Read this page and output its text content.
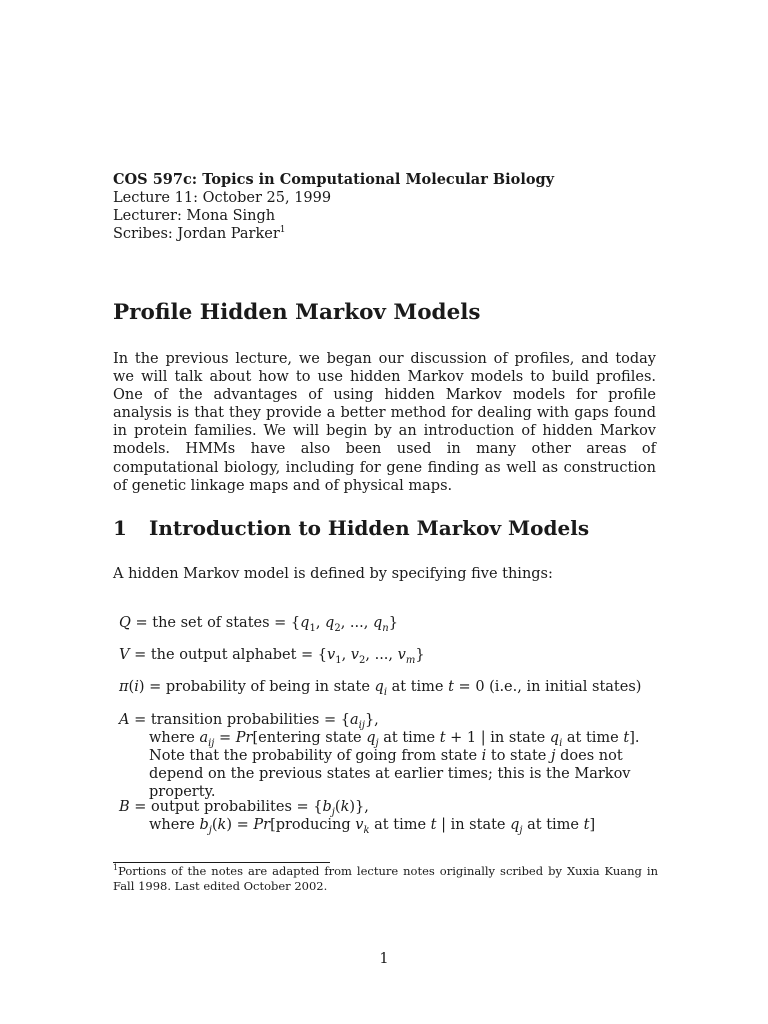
COS 597c: Topics in Computational Molecular Biology
Lecture 11: October 25, 1999
Lecturer: Mona Singh
Scribes: Jordan Parker$^1$
Profile Hidden Markov Models
In the previous lecture, we began our discussion of profiles, and today we will talk about how to use hidden Markov models to build profiles. One of the advantages of using hidden Markov models for profile analysis is that they provide a better method for dealing with gaps found in protein families. We will begin by an introduction of hidden Markov models. HMMs have also been used in many other areas of computational biology, including for gene finding as well as construction of genetic linkage maps and of physical maps.
1 Introduction to Hidden Markov Models
A hidden Markov model is defined by specifying five things:
Q = the set of states = {$q_1$, $q_2$, ..., $q_n$}
V = the output alphabet = {$v_1$, $v_2$, ..., $v_m$}
π(i) = probability of being in state $q_i$ at time t = 0 (i.e., in initial states)
A = transition probabilities = $\{a_{ij}\}$,
where $a_{ij}$ = Pr[entering state $q_j$ at time t + 1 | in state $q_i$ at time t]. Note that the probability of going from state i to state j does not depend on the previous states at earlier times; this is the Markov property.
B = output probabilites = $\{b_j(k)\}$,
where $b_j(k)$ = Pr[producing $v_k$ at time t | in state $q_j$ at time t]
$^1$Portions of the notes are adapted from lecture notes originally scribed by Xuxia Kuang in Fall 1998. Last edited October 2002.
1
